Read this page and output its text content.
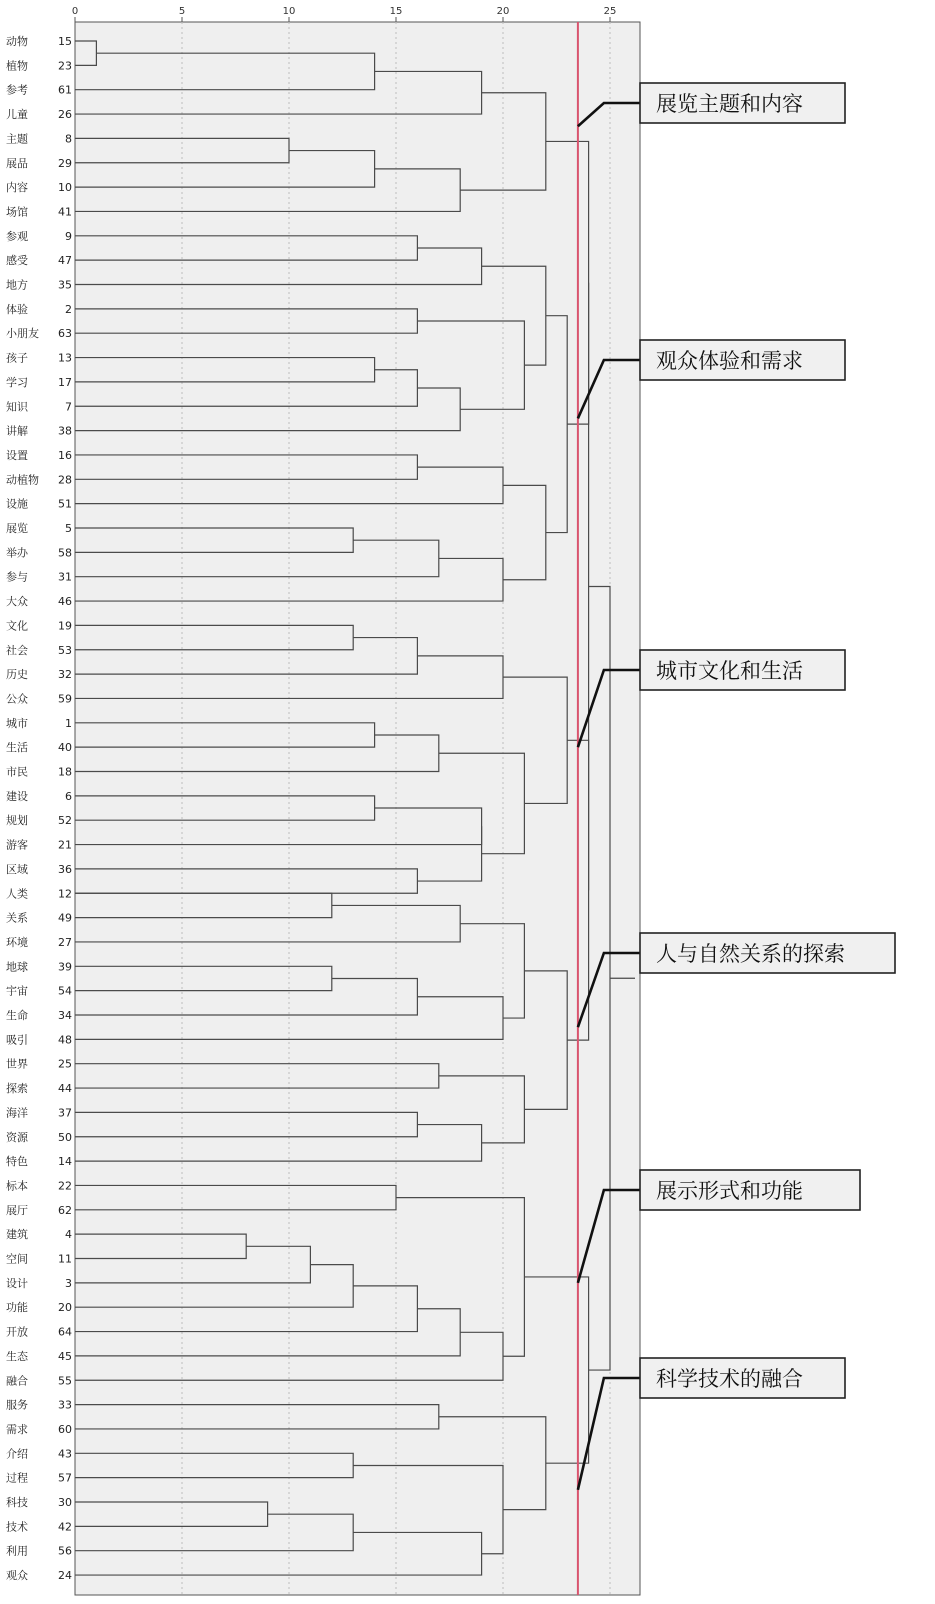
0	5	10	15	20	25
动物	15
植物	23
参考	61
儿童	26
主题	8
展品	29
内容	10
场馆	41
参观	9
感受	47
地方	35
体验	2
小朋友 63
孩子	13
学习	17
知识	7
讲解	38
设置	16
动植物 28
设施	51
展览	5
举办	58
参与	31
大众	46
文化	19
社会	53
历史	32
公众	59
城市	1
生活	40
市民	18
建设	6
规划	52
游客	21
区域	36
人类	12
关系	49
环境	27
地球	39
宇宙	54
生命	34
吸引	48
世界	25
探索	44
海洋	37
资源	50
特色	14
标本	22
展厅	62
建筑	4
空间	11
设计	3
功能	20
开放	64
生态	45
融合	55
服务	33
需求	60
介绍	43
过程	57
科技	30
技术	42
利用	56
观众	24
展览主题和内容
观众体验和需求
城市文化和生活
人与自然关系的探索
展示形式和功能
科学技术的融合
